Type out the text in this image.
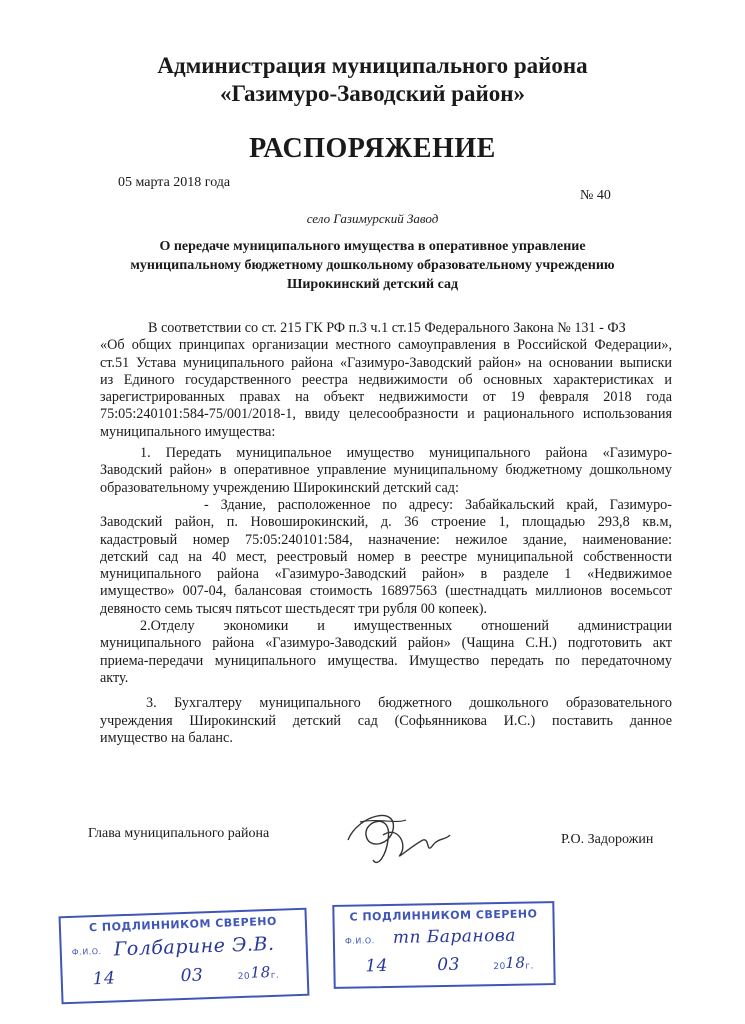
Администрация муниципального района
«Газимуро-Заводский район»
РАСПОРЯЖЕНИЕ
05 марта 2018 года
№ 40
село Газимурский Завод
О передаче муниципального имущества в оперативное управление
муниципальному бюджетному дошкольному образовательному учреждению
Широкинский детский сад
В соответствии со ст. 215 ГК РФ п.3 ч.1 ст.15 Федерального Закона № 131 - ФЗ
«Об общих принципах организации местного самоуправления в Российской Федерации»,
ст.51 Устава муниципального района «Газимуро-Заводский район» на основании выписки
из Единого государственного реестра недвижимости об основных характеристиках и
зарегистрированных правах на объект недвижимости от 19 февраля 2018 года
75:05:240101:584-75/001/2018-1, ввиду целесообразности и рационального использования
муниципального имущества:
1. Передать муниципальное имущество муниципального района «Газимуро-
Заводский район» в оперативное управление муниципальному бюджетному дошкольному
образовательному учреждению Широкинский детский сад:
- Здание, расположенное по адресу: Забайкальский край, Газимуро-
Заводский район, п. Новоширокинский, д. 36 строение 1, площадью 293,8 кв.м,
кадастровый номер 75:05:240101:584, назначение: нежилое здание, наименование:
детский сад на 40 мест, реестровый номер в реестре муниципальной собственности
муниципального района «Газимуро-Заводский район» в разделе 1 «Недвижимое
имущество» 007-04, балансовая стоимость 16897563 (шестнадцать миллионов восемьсот
девяносто семь тысяч пятьсот шестьдесят три рубля 00 копеек).
2.Отделу экономики и имущественных отношений администрации
муниципального района «Газимуро-Заводский район» (Чащина С.Н.) подготовить акт
приема-передачи муниципального имущества. Имущество передать по передаточному
акту.
3. Бухгалтеру муниципального бюджетного дошкольного образовательного
учреждения Широкинский детский сад (Софьянникова И.С.) поставить данное
имущество на баланс.
Глава муниципального района	Р.О. Задорожин
С ПОДЛИННИКОМ СВЕРЕНО
Ф.И.О. Голбарине Э.В.
14	03	20 18 г.
С ПОДЛИННИКОМ СВЕРЕНО
Ф.И.О. тп Баранова
14	03	20 18 г.
